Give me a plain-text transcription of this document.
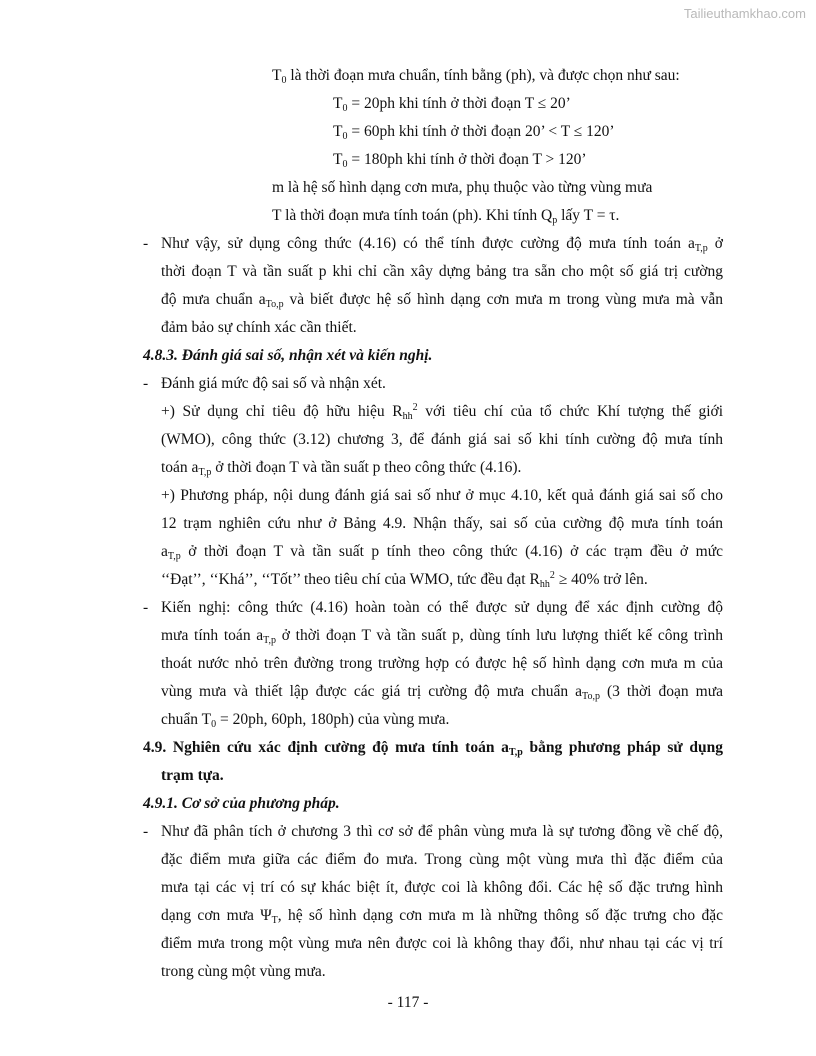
Tailieuthamkhao.com
$T_0$ là thời đoạn mưa chuẩn, tính bằng (ph), và được chọn như sau:
$T_0 = 20ph$ khi tính ở thời đoạn T ≤ 20’
$T_0 = 60ph$ khi tính ở thời đoạn 20’ < T ≤ 120’
$T_0 = 180ph$ khi tính ở thời đoạn T > 120’
m là hệ số hình dạng cơn mưa, phụ thuộc vào từng vùng mưa
T là thời đoạn mưa tính toán (ph). Khi tính $Q_p$ lấy T = τ.
- Như vậy, sử dụng công thức (4.16) có thể tính được cường độ mưa tính toán $a_{T,p}$ ở
thời đoạn T và tần suất p khi chỉ cần xây dựng bảng tra sẵn cho một số giá trị cường
độ mưa chuẩn $a_{To,p}$ và biết được hệ số hình dạng cơn mưa m trong vùng mưa mà vẫn
đảm bảo sự chính xác cần thiết.
4.8.3. Đánh giá sai số, nhận xét và kiến nghị.
- Đánh giá mức độ sai số và nhận xét.
+) Sử dụng chỉ tiêu độ hữu hiệu $R_{hh}^2$ với tiêu chí của tổ chức Khí tượng thế giới
(WMO), công thức (3.12) chương 3, để đánh giá sai số khi tính cường độ mưa tính
toán $a_{T,p}$ ở thời đoạn T và tần suất p theo công thức (4.16).
+) Phương pháp, nội dung đánh giá sai số như ở mục 4.10, kết quả đánh giá sai số cho
12 trạm nghiên cứu như ở Bảng 4.9. Nhận thấy, sai số của cường độ mưa tính toán
$a_{T,p}$ ở thời đoạn T và tần suất p tính theo công thức (4.16) ở các trạm đều ở mức
‘‘Đạt’’, ‘‘Khá’’, ‘‘Tốt’’ theo tiêu chí của WMO, tức đều đạt $R_{hh}^2 \ge 40\%$ trở lên.
- Kiến nghị: công thức (4.16) hoàn toàn có thể được sử dụng để xác định cường độ
mưa tính toán $a_{T,p}$ ở thời đoạn T và tần suất p, dùng tính lưu lượng thiết kế công trình
thoát nước nhỏ trên đường trong trường hợp có được hệ số hình dạng cơn mưa m của
vùng mưa và thiết lập được các giá trị cường độ mưa chuẩn $a_{To,p}$ (3 thời đoạn mưa
chuẩn $T_0 = 20ph$, 60ph, 180ph) của vùng mưa.
4.9. Nghiên cứu xác định cường độ mưa tính toán $a_{T,p}$ bằng phương pháp sử dụng
trạm tựa.
4.9.1. Cơ sở của phương pháp.
- Như đã phân tích ở chương 3 thì cơ sở để phân vùng mưa là sự tương đồng về chế độ,
đặc điểm mưa giữa các điểm đo mưa. Trong cùng một vùng mưa thì đặc điểm của
mưa tại các vị trí có sự khác biệt ít, được coi là không đổi. Các hệ số đặc trưng hình
dạng cơn mưa $\Psi_T$, hệ số hình dạng cơn mưa m là những thông số đặc trưng cho đặc
điểm mưa trong một vùng mưa nên được coi là không thay đổi, như nhau tại các vị trí
trong cùng một vùng mưa.
- 117 -
